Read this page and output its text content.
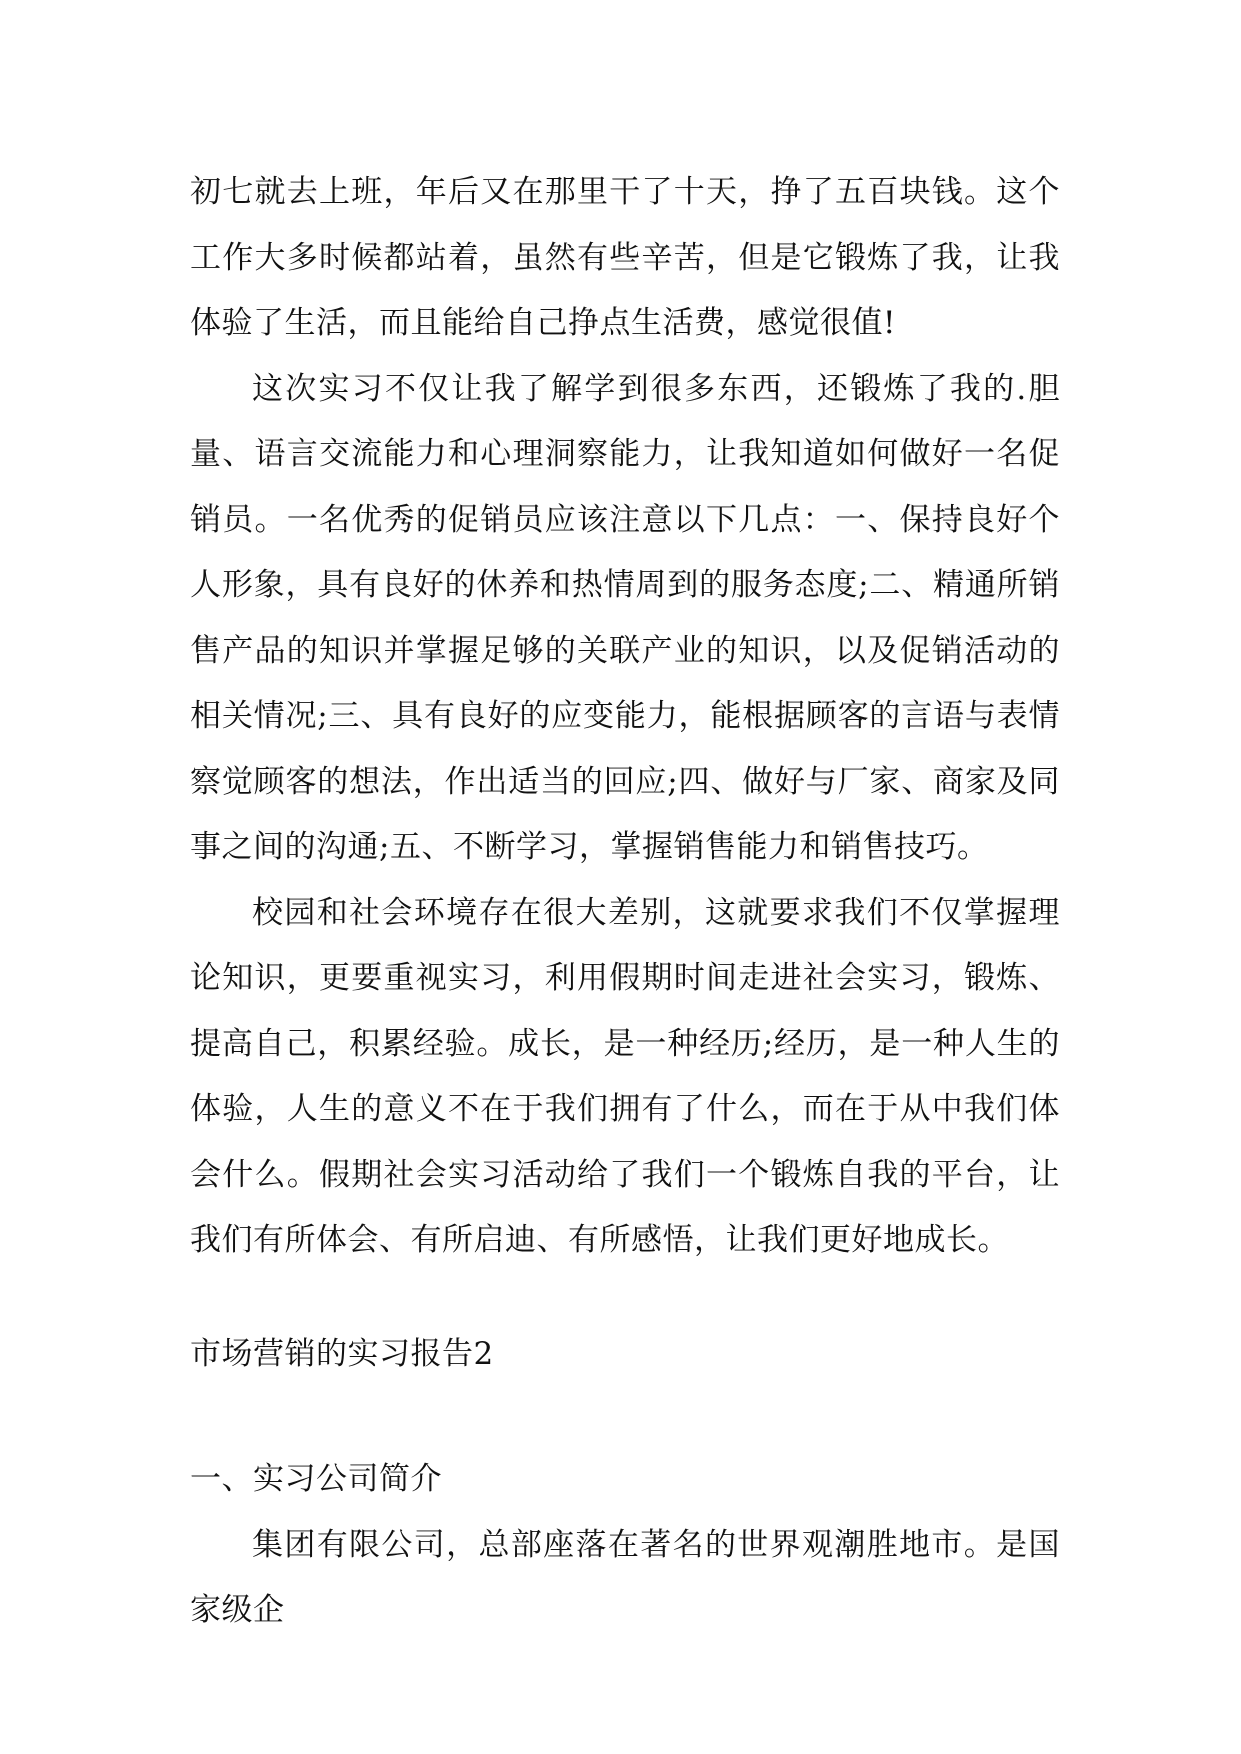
初七就去上班，年后又在那里干了十天，挣了五百块钱。这个工作大多时候都站着，虽然有些辛苦，但是它锻炼了我，让我体验了生活，而且能给自己挣点生活费，感觉很值!

这次实习不仅让我了解学到很多东西，还锻炼了我的.胆量、语言交流能力和心理洞察能力，让我知道如何做好一名促销员。一名优秀的促销员应该注意以下几点：一、保持良好个人形象，具有良好的休养和热情周到的服务态度;二、精通所销售产品的知识并掌握足够的关联产业的知识，以及促销活动的相关情况;三、具有良好的应变能力，能根据顾客的言语与表情察觉顾客的想法，作出适当的回应;四、做好与厂家、商家及同事之间的沟通;五、不断学习，掌握销售能力和销售技巧。

校园和社会环境存在很大差别，这就要求我们不仅掌握理论知识，更要重视实习，利用假期时间走进社会实习，锻炼、提高自己，积累经验。成长，是一种经历;经历，是一种人生的体验，人生的意义不在于我们拥有了什么，而在于从中我们体会什么。假期社会实习活动给了我们一个锻炼自我的平台，让我们有所体会、有所启迪、有所感悟，让我们更好地成长。

市场营销的实习报告2

一、实习公司简介

集团有限公司，总部座落在著名的世界观潮胜地市。是国家级企
